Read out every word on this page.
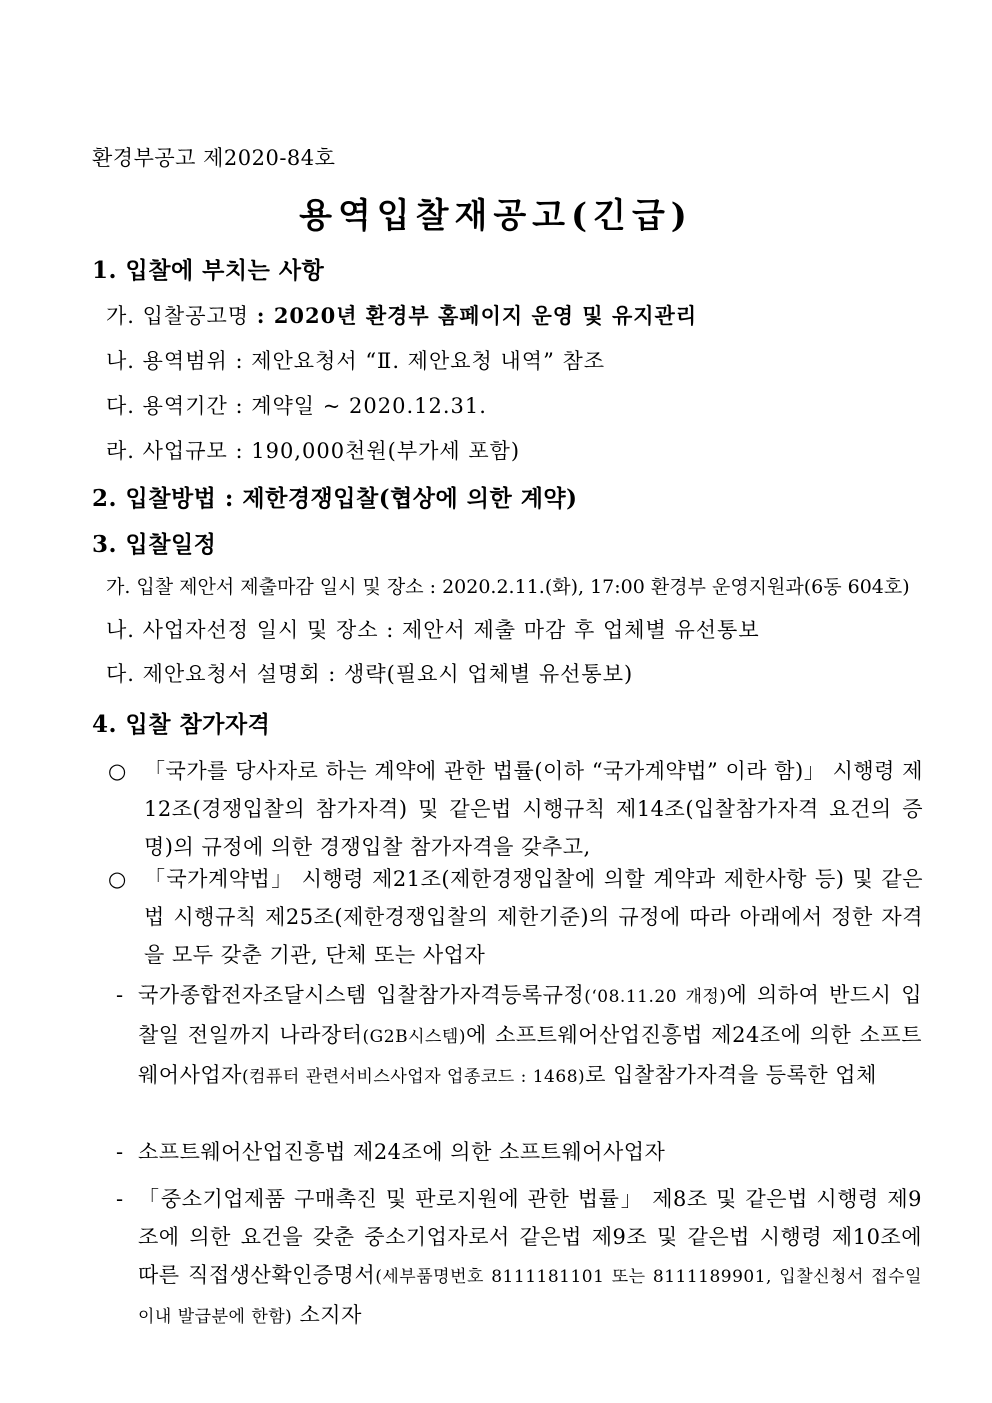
환경부공고 제2020-84호
용역입찰재공고(긴급)
1. 입찰에 부치는 사항
가. 입찰공고명 : 2020년 환경부 홈페이지 운영 및 유지관리
나. 용역범위 : 제안요청서 “Ⅱ. 제안요청 내역” 참조
다. 용역기간 : 계약일 ~ 2020.12.31.
라. 사업규모 : 190,000천원(부가세 포함)
2. 입찰방법 : 제한경쟁입찰(협상에 의한 계약)
3. 입찰일정
가. 입찰 제안서 제출마감 일시 및 장소 : 2020.2.11.(화), 17:00 환경부 운영지원과(6동 604호)
나. 사업자선정 일시 및 장소 : 제안서 제출 마감 후 업체별 유선통보
다. 제안요청서 설명회 : 생략(필요시 업체별 유선통보)
4. 입찰 참가자격
○ 「국가를 당사자로 하는 계약에 관한 법률(이하 “국가계약법” 이라 함)」 시행령 제12조(경쟁입찰의 참가자격) 및 같은법 시행규칙 제14조(입찰참가자격 요건의 증명)의 규정에 의한 경쟁입찰 참가자격을 갖추고,
○ 「국가계약법」 시행령 제21조(제한경쟁입찰에 의할 계약과 제한사항 등) 및 같은법 시행규칙 제25조(제한경쟁입찰의 제한기준)의 규정에 따라 아래에서 정한 자격을 모두 갖춘 기관, 단체 또는 사업자
- 국가종합전자조달시스템 입찰참가자격등록규정(‘08.11.20 개정)에 의하여 반드시 입찰일 전일까지 나라장터(G2B시스템)에 소프트웨어산업진흥법 제24조에 의한 소프트웨어사업자(컴퓨터 관련서비스사업자 업종코드 : 1468)로 입찰참가자격을 등록한 업체
- 소프트웨어산업진흥법 제24조에 의한 소프트웨어사업자
- 「중소기업제품 구매촉진 및 판로지원에 관한 법률」 제8조 및 같은법 시행령 제9조에 의한 요건을 갖춘 중소기업자로서 같은법 제9조 및 같은법 시행령 제10조에 따른 직접생산확인증명서(세부품명번호 8111181101 또는 8111189901, 입찰신청서 접수일 이내 발급분에 한함) 소지자
